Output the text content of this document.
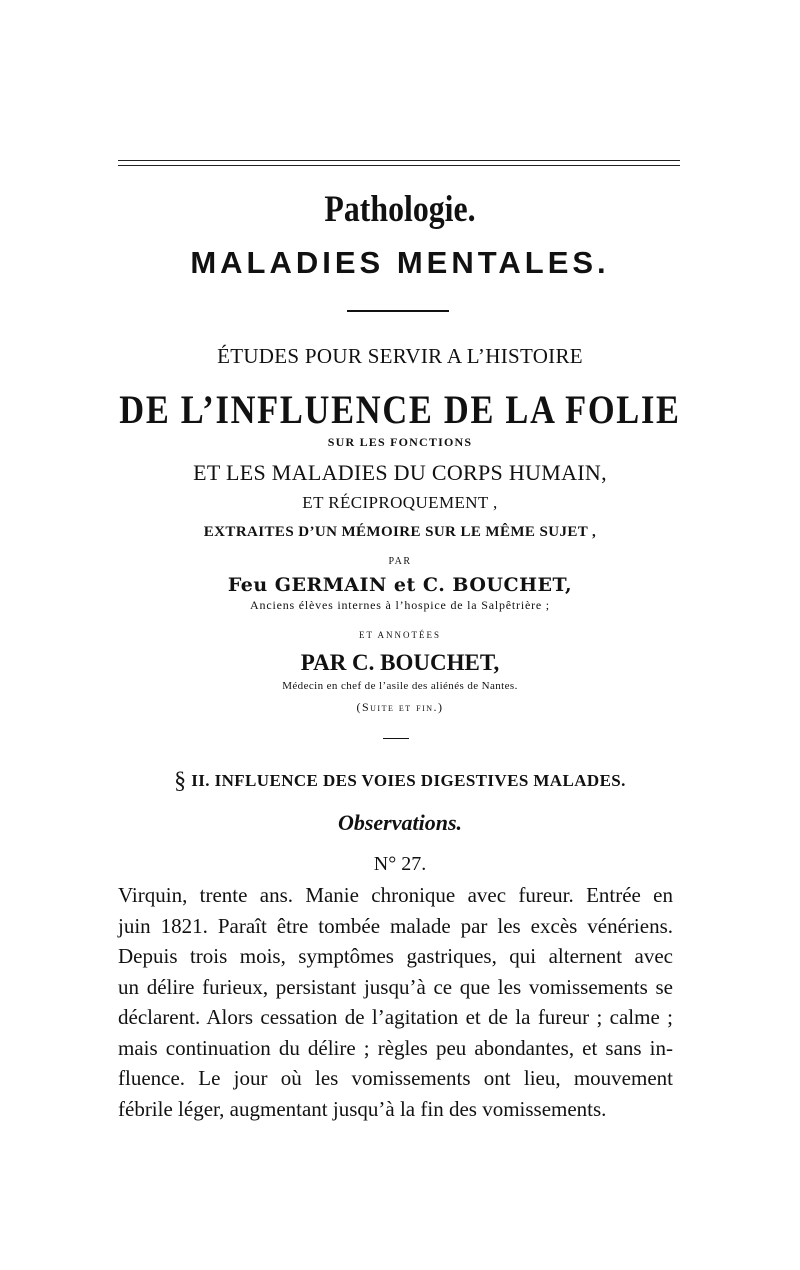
Pathologie.
MALADIES MENTALES.
ÉTUDES POUR SERVIR A L’HISTOIRE
DE L’INFLUENCE DE LA FOLIE
SUR LES FONCTIONS
ET LES MALADIES DU CORPS HUMAIN,
ET RÉCIPROQUEMENT ,
EXTRAITES D’UN MÉMOIRE SUR LE MÊME SUJET ,
PAR
Feu GERMAIN et C. BOUCHET,
Anciens élèves internes à l’hospice de la Salpêtrière ;
ET ANNOTÉES
PAR C. BOUCHET,
Médecin en chef de l’asile des aliénés de Nantes.
(Suite et fin.)
§ II. INFLUENCE DES VOIES DIGESTIVES MALADES.
Observations.
N° 27.
Virquin, trente ans. Manie chronique avec fureur. Entrée en
juin 1821. Paraît être tombée malade par les excès vénériens.
Depuis trois mois, symptômes gastriques, qui alternent avec
un délire furieux, persistant jusqu’à ce que les vomissements se
déclarent. Alors cessation de l’agitation et de la fureur ; calme ;
mais continuation du délire ; règles peu abondantes, et sans in-
fluence. Le jour où les vomissements ont lieu, mouvement
fébrile léger, augmentant jusqu’à la fin des vomissements.
